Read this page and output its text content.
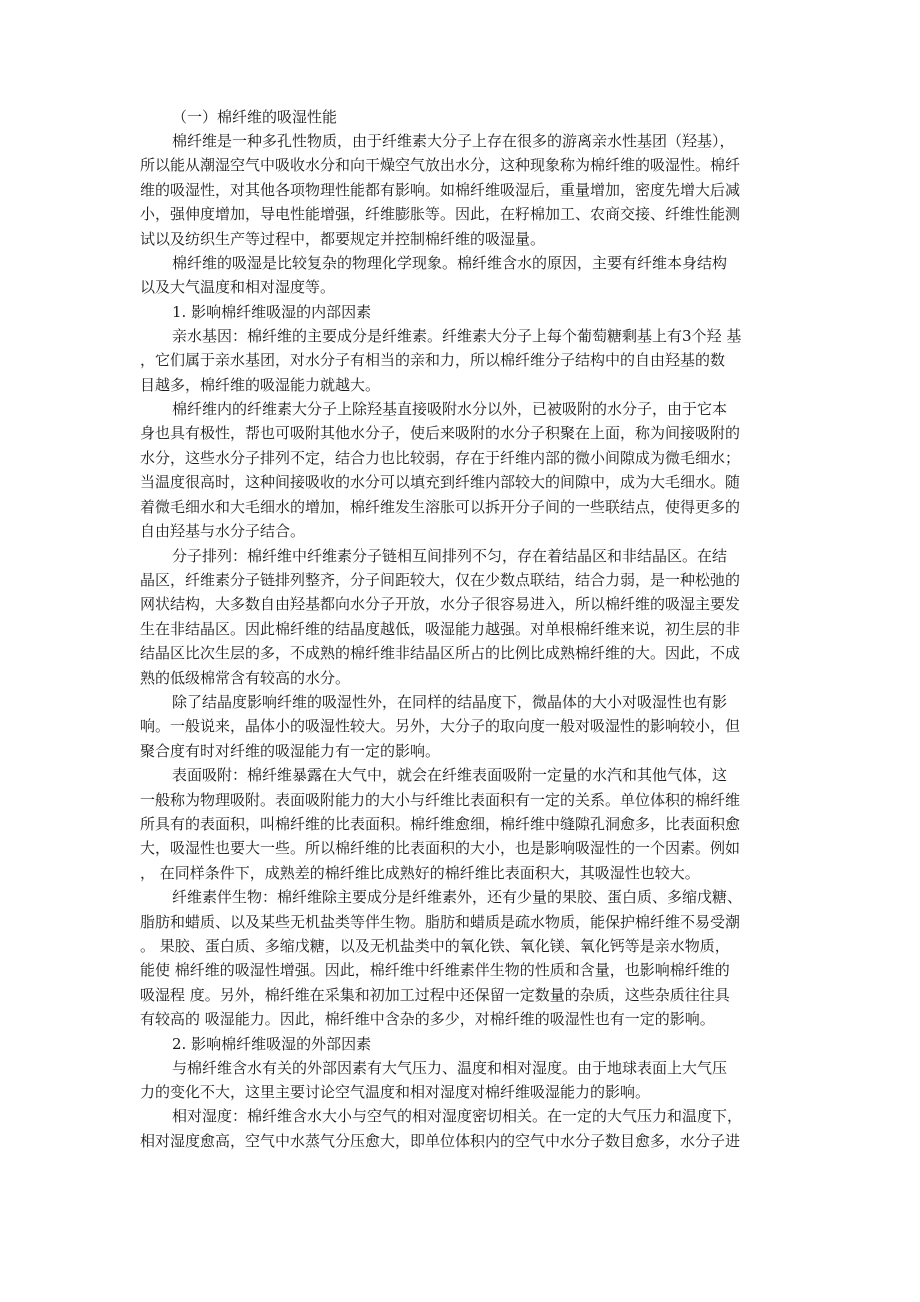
（一）棉纤维的吸湿性能

棉纤维是一种多孔性物质，由于纤维素大分子上存在很多的游离亲水性基团（羟基），
所以能从潮湿空气中吸收水分和向干燥空气放出水分，这种现象称为棉纤维的吸湿性。棉纤
维的吸湿性，对其他各项物理性能都有影响。如棉纤维吸湿后，重量增加，密度先增大后减
小，强伸度增加，导电性能增强，纤维膨胀等。因此，在籽棉加工、农商交接、纤维性能测
试以及纺织生产等过程中，都要规定并控制棉纤维的吸湿量。
棉纤维的吸湿是比较复杂的物理化学现象。棉纤维含水的原因，主要有纤维本身结构
以及大气温度和相对湿度等。

1. 影响棉纤维吸湿的内部因素

亲水基因：棉纤维的主要成分是纤维素。纤维素大分子上每个葡萄糖剩基上有3个羟 基
，它们属于亲水基团，对水分子有相当的亲和力，所以棉纤维分子结构中的自由羟基的数
目越多，棉纤维的吸湿能力就越大。
棉纤维内的纤维素大分子上除羟基直接吸附水分以外，已被吸附的水分子，由于它本
身也具有极性，帮也可吸附其他水分子，使后来吸附的水分子积聚在上面，称为间接吸附的
水分，这些水分子排列不定，结合力也比较弱，存在于纤维内部的微小间隙成为微毛细水；
当温度很高时，这种间接吸收的水分可以填充到纤维内部较大的间隙中，成为大毛细水。随
着微毛细水和大毛细水的增加，棉纤维发生溶胀可以拆开分子间的一些联结点，使得更多的
自由羟基与水分子结合。
分子排列：棉纤维中纤维素分子链相互间排列不匀，存在着结晶区和非结晶区。在结
晶区，纤维素分子链排列整齐，分子间距较大，仅在少数点联结，结合力弱，是一种松弛的
网状结构，大多数自由羟基都向水分子开放，水分子很容易进入，所以棉纤维的吸湿主要发
生在非结晶区。因此棉纤维的结晶度越低，吸湿能力越强。对单根棉纤维来说，初生层的非
结晶区比次生层的多，不成熟的棉纤维非结晶区所占的比例比成熟棉纤维的大。因此，不成
熟的低级棉常含有较高的水分。
除了结晶度影响纤维的吸湿性外，在同样的结晶度下，微晶体的大小对吸湿性也有影
响。一般说来，晶体小的吸湿性较大。另外，大分子的取向度一般对吸湿性的影响较小，但
聚合度有时对纤维的吸湿能力有一定的影响。
表面吸附：棉纤维暴露在大气中，就会在纤维表面吸附一定量的水汽和其他气体，这
一般称为物理吸附。表面吸附能力的大小与纤维比表面积有一定的关系。单位体积的棉纤维
所具有的表面积，叫棉纤维的比表面积。棉纤维愈细，棉纤维中缝隙孔洞愈多，比表面积愈
大，吸湿性也要大一些。所以棉纤维的比表面积的大小，也是影响吸湿性的一个因素。例如
， 在同样条件下，成熟差的棉纤维比成熟好的棉纤维比表面积大，其吸湿性也较大。
纤维素伴生物：棉纤维除主要成分是纤维素外，还有少量的果胶、蛋白质、多缩戊糖、
脂肪和蜡质、以及某些无机盐类等伴生物。脂肪和蜡质是疏水物质，能保护棉纤维不易受潮
。 果胶、蛋白质、多缩戊糖，以及无机盐类中的氧化铁、氧化镁、氧化钙等是亲水物质，
能使 棉纤维的吸湿性增强。因此，棉纤维中纤维素伴生物的性质和含量，也影响棉纤维的
吸湿程 度。另外，棉纤维在采集和初加工过程中还保留一定数量的杂质，这些杂质往往具
有较高的 吸湿能力。因此，棉纤维中含杂的多少，对棉纤维的吸湿性也有一定的影响。

2. 影响棉纤维吸湿的外部因素

与棉纤维含水有关的外部因素有大气压力、温度和相对湿度。由于地球表面上大气压
力的变化不大，这里主要讨论空气温度和相对湿度对棉纤维吸湿能力的影响。
相对湿度：棉纤维含水大小与空气的相对湿度密切相关。在一定的大气压力和温度下，
相对湿度愈高，空气中水蒸气分压愈大，即单位体积内的空气中水分子数目愈多，水分子进
